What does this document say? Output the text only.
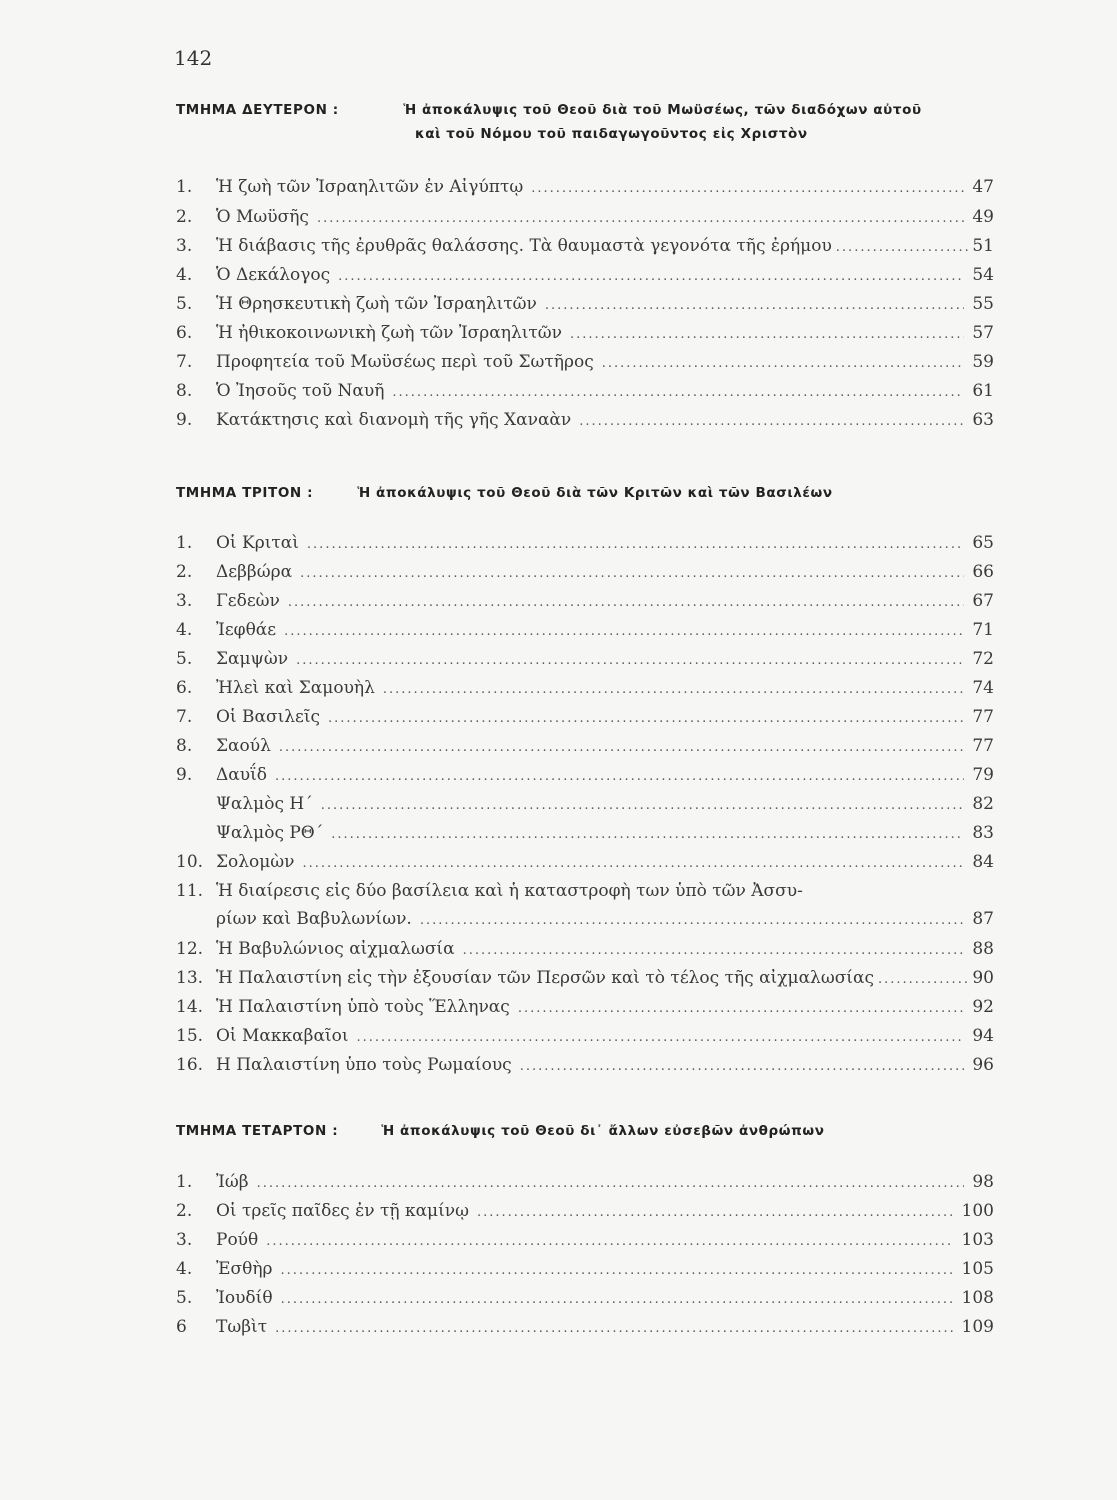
142
ΤΜΗΜΑ ΔΕΥΤΕΡΟΝ :	Ἡ ἀποκάλυψις τοῦ Θεοῦ διὰ τοῦ Μωϋσέως, τῶν διαδόχων αὐτοῦ
καὶ τοῦ Νόμου τοῦ παιδαγωγοῦντος εἰς Χριστὸν
1.	Ἡ ζωὴ τῶν Ἰσραηλιτῶν ἐν Αἰγύπτῳ .....	47
2.	Ὁ Μωϋσῆς .....	49
3.	Ἡ διάβασις τῆς ἐρυθρᾶς θαλάσσης. Τὰ θαυμαστὰ γεγονότα τῆς ἐρήμου .....	51
4.	Ὁ Δεκάλογος .....	54
5.	Ἡ Θρησκευτικὴ ζωὴ τῶν Ἰσραηλιτῶν .....	55
6.	Ἡ ἠθικοκοινωνικὴ ζωὴ τῶν Ἰσραηλιτῶν .....	57
7.	Προφητεία τοῦ Μωϋσέως περὶ τοῦ Σωτῆρος .....	59
8.	Ὁ Ἰησοῦς τοῦ Ναυῆ .....	61
9.	Κατάκτησις καὶ διανομὴ τῆς γῆς Χαναὰν .....	63
ΤΜΗΜΑ ΤΡΙΤΟΝ :	Ἡ ἀποκάλυψις τοῦ Θεοῦ διὰ τῶν Κριτῶν καὶ τῶν Βασιλέων
1.	Οἱ Κριταὶ .....	65
2.	Δεββώρα .....	66
3.	Γεδεὼν .....	67
4.	Ἰεφθάε .....	71
5.	Σαμψὼν .....	72
6.	Ἠλεὶ καὶ Σαμουὴλ .....	74
7.	Οἱ Βασιλεῖς .....	77
8.	Σαούλ .....	77
9.	Δαυΐδ .....	79
Ψαλμὸς Η΄ .....	82
Ψαλμὸς ΡΘ΄ .....	83
10. Σολομὼν .....	84
11. Ἡ διαίρεσις εἰς δύο βασίλεια καὶ ἡ καταστροφὴ των ὑπὸ τῶν Ἀσσυ-
ρίων καὶ Βαβυλωνίων. .....	87
12. Ἡ Βαβυλώνιος αἰχμαλωσία .....	88
13. Ἡ Παλαιστίνη εἰς τὴν ἐξουσίαν τῶν Περσῶν καὶ τὸ τέλος τῆς αἰχμαλωσίας .....	90
14. Ἡ Παλαιστίνη ὑπὸ τοὺς Ἕλληνας .....	92
15. Οἱ Μακκαβαῖοι .....	94
16. Η Παλαιστίνη ὑπο τοὺς Ρωμαίους .....	96
ΤΜΗΜΑ ΤΕΤΑΡΤΟΝ :	Ἡ ἀποκάλυψις τοῦ Θεοῦ δι᾽ ἄλλων εὐσεβῶν ἀνθρώπων
1.	Ἰώβ .....	98
2.	Οἱ τρεῖς παῖδες ἐν τῇ καμίνῳ .....	100
3.	Ρούθ .....	103
4.	Ἐσθὴρ .....	105
5.	Ἰουδίθ .....	108
6	Τωβὶτ .....	109
